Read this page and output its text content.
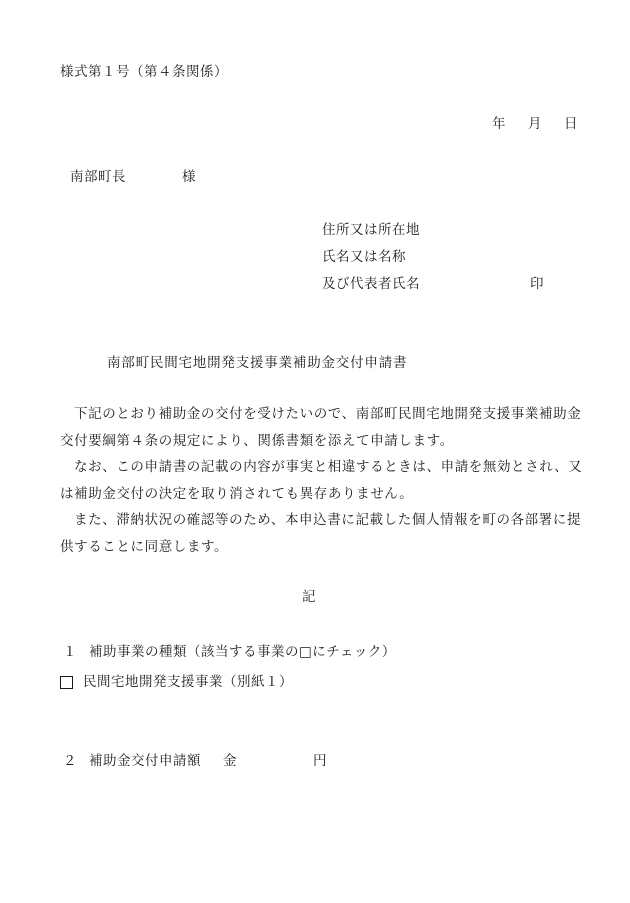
様式第１号（第４条関係）
年 月 日
南部町長	様
住所又は所在地
氏名又は名称
及び代表者氏名	印
南部町民間宅地開発支援事業補助金交付申請書
下記のとおり補助金の交付を受けたいので、南部町民間宅地開発支援事業補助金交付要綱第４条の規定により、関係書類を添えて申請します。
なお、この申請書の記載の内容が事実と相違するときは、申請を無効とされ、又は補助金交付の決定を取り消されても異存ありません。
また、滞納状況の確認等のため、本申込書に記載した個人情報を町の各部署に提供することに同意します。
記
１ 補助事業の種類（該当する事業の□にチェック）
民間宅地開発支援事業（別紙１）
２ 補助金交付申請額 金	円
